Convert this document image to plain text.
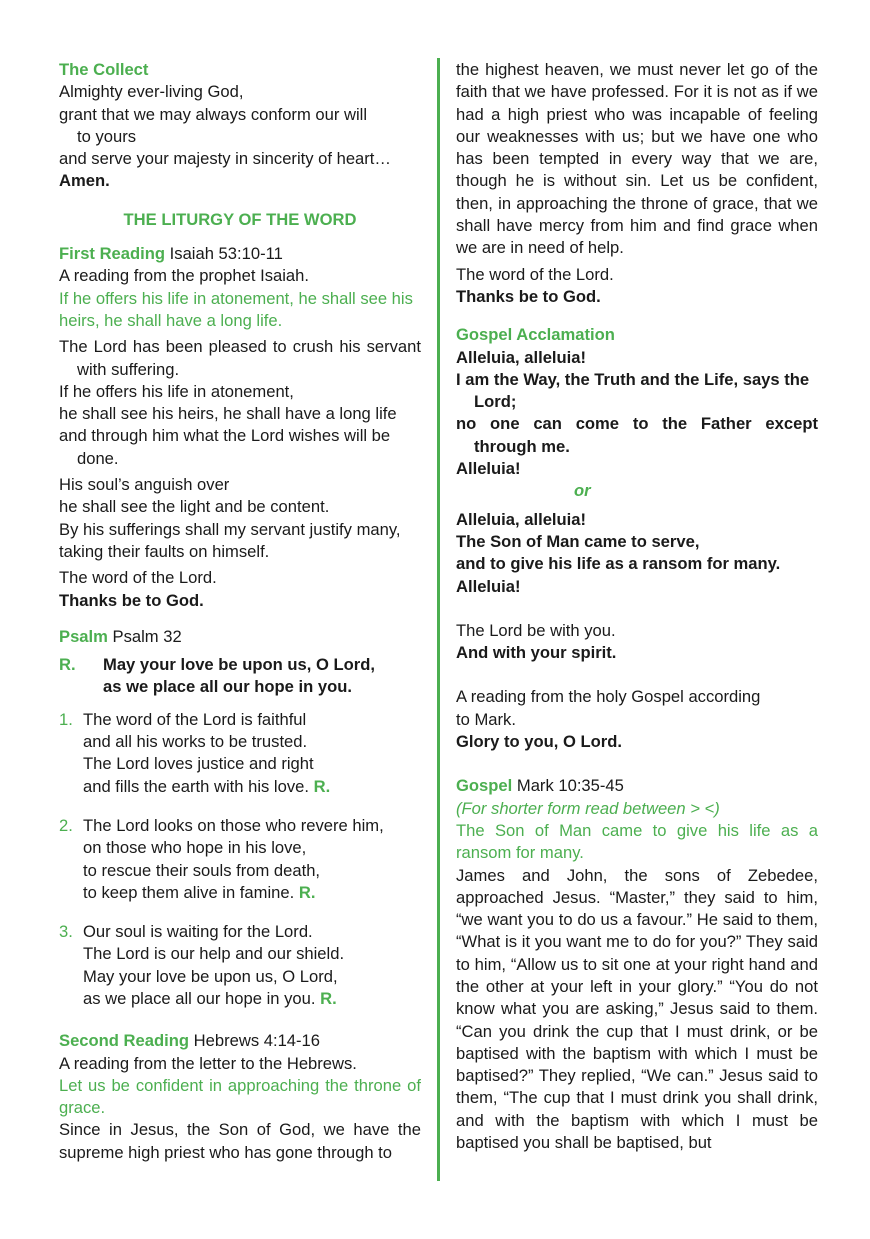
The Collect
Almighty ever-living God,
grant that we may always conform our will
to yours
and serve your majesty in sincerity of heart…
Amen.
THE LITURGY OF THE WORD
First Reading Isaiah 53:10-11
A reading from the prophet Isaiah.
If he offers his life in atonement, he shall see his heirs, he shall have a long life.
The Lord has been pleased to crush his servant with suffering.
If he offers his life in atonement,
he shall see his heirs, he shall have a long life
and through him what the Lord wishes will be done.
His soul’s anguish over
he shall see the light and be content.
By his sufferings shall my servant justify many,
taking their faults on himself.
The word of the Lord.
Thanks be to God.
Psalm Psalm 32
R.	May your love be upon us, O Lord,
as we place all our hope in you.
1. The word of the Lord is faithful
and all his works to be trusted.
The Lord loves justice and right
and fills the earth with his love. R.
2. The Lord looks on those who revere him,
on those who hope in his love,
to rescue their souls from death,
to keep them alive in famine. R.
3. Our soul is waiting for the Lord.
The Lord is our help and our shield.
May your love be upon us, O Lord,
as we place all our hope in you. R.
Second Reading Hebrews 4:14-16
A reading from the letter to the Hebrews.
Let us be confident in approaching the throne of grace.
Since in Jesus, the Son of God, we have the supreme high priest who has gone through to
the highest heaven, we must never let go of the faith that we have professed. For it is not as if we had a high priest who was incapable of feeling our weaknesses with us; but we have one who has been tempted in every way that we are, though he is without sin. Let us be confident, then, in approaching the throne of grace, that we shall have mercy from him and find grace when we are in need of help.
The word of the Lord.
Thanks be to God.
Gospel Acclamation
Alleluia, alleluia!
I am the Way, the Truth and the Life, says the Lord;
no one can come to the Father except through me.
Alleluia!
or
Alleluia, alleluia!
The Son of Man came to serve,
and to give his life as a ransom for many.
Alleluia!
The Lord be with you.
And with your spirit.
A reading from the holy Gospel according
to Mark.
Glory to you, O Lord.
Gospel Mark 10:35-45
(For shorter form read between > <)
The Son of Man came to give his life as a ransom for many.
James and John, the sons of Zebedee, approached Jesus. “Master,” they said to him, “we want you to do us a favour.” He said to them, “What is it you want me to do for you?” They said to him, “Allow us to sit one at your right hand and the other at your left in your glory.” “You do not know what you are asking,” Jesus said to them. “Can you drink the cup that I must drink, or be baptised with the baptism with which I must be baptised?” They replied, “We can.” Jesus said to them, “The cup that I must drink you shall drink, and with the baptism with which I must be baptised you shall be baptised, but
